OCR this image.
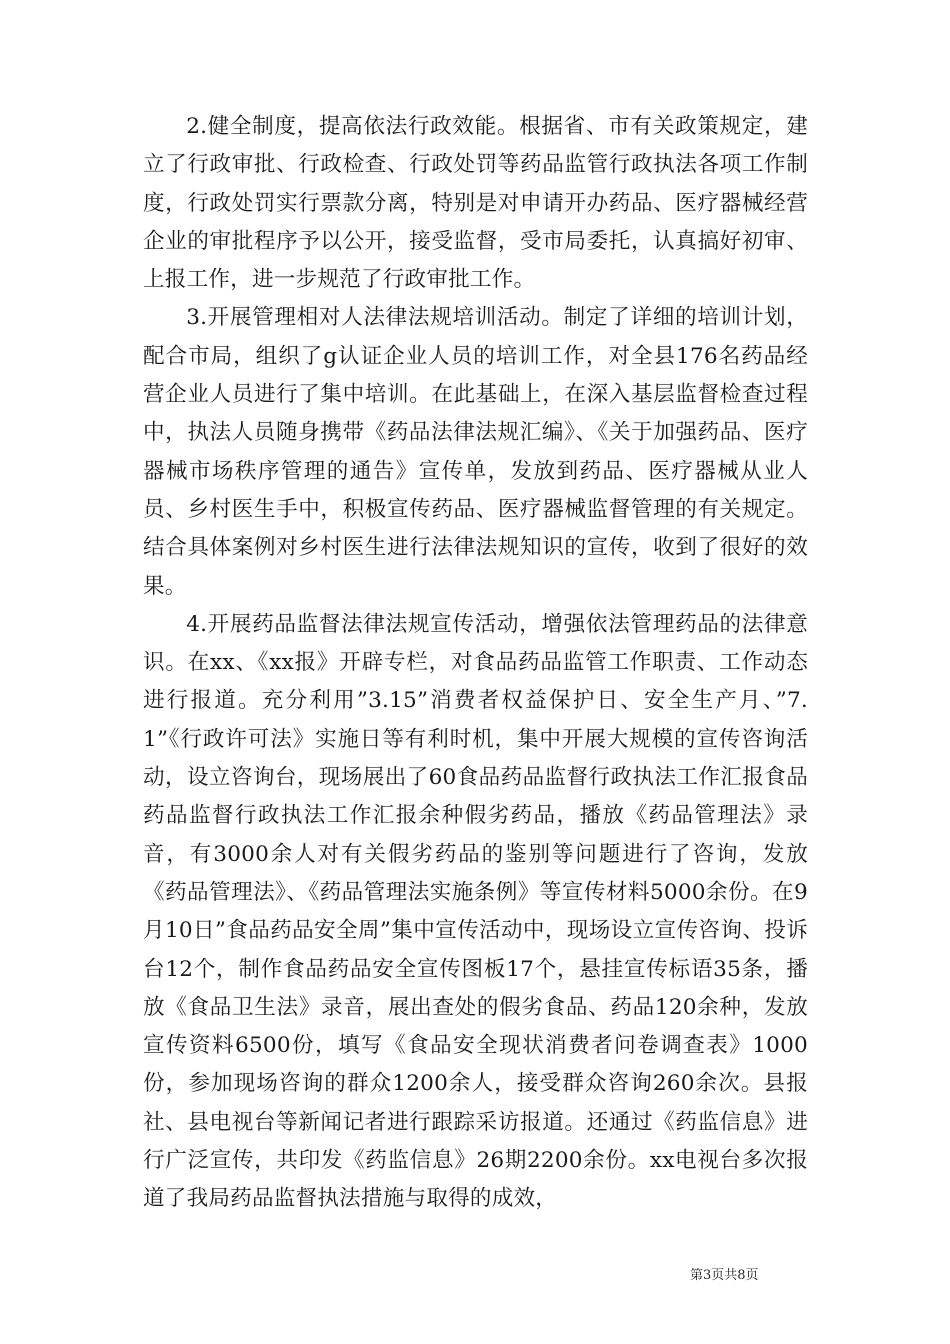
2.健全制度，提高依法行政效能。根据省、市有关政策规定，建立了行政审批、行政检查、行政处罚等药品监管行政执法各项工作制度，行政处罚实行票款分离，特别是对申请开办药品、医疗器械经营企业的审批程序予以公开，接受监督，受市局委托，认真搞好初审、上报工作，进一步规范了行政审批工作。

3.开展管理相对人法律法规培训活动。制定了详细的培训计划，配合市局，组织了g认证企业人员的培训工作，对全县176名药品经营企业人员进行了集中培训。在此基础上，在深入基层监督检查过程中，执法人员随身携带《药品法律法规汇编》、《关于加强药品、医疗器械市场秩序管理的通告》宣传单，发放到药品、医疗器械从业人员、乡村医生手中，积极宣传药品、医疗器械监督管理的有关规定。结合具体案例对乡村医生进行法律法规知识的宣传，收到了很好的效果。

4.开展药品监督法律法规宣传活动，增强依法管理药品的法律意识。在xx、《xx报》开辟专栏，对食品药品监管工作职责、工作动态进行报道。充分利用”3.15”消费者权益保护日、安全生产月、”7.1”《行政许可法》实施日等有利时机，集中开展大规模的宣传咨询活动，设立咨询台，现场展出了60食品药品监督行政执法工作汇报食品药品监督行政执法工作汇报余种假劣药品，播放《药品管理法》录音，有3000余人对有关假劣药品的鉴别等问题进行了咨询，发放《药品管理法》、《药品管理法实施条例》等宣传材料5000余份。在9月10日”食品药品安全周”集中宣传活动中，现场设立宣传咨询、投诉台12个，制作食品药品安全宣传图板17个，悬挂宣传标语35条，播放《食品卫生法》录音，展出查处的假劣食品、药品120余种，发放宣传资料6500份，填写《食品安全现状消费者问卷调查表》1000份，参加现场咨询的群众1200余人，接受群众咨询260余次。县报社、县电视台等新闻记者进行跟踪采访报道。还通过《药监信息》进行广泛宣传，共印发《药监信息》26期2200余份。xx电视台多次报道了我局药品监督执法措施与取得的成效，

第3页共8页
